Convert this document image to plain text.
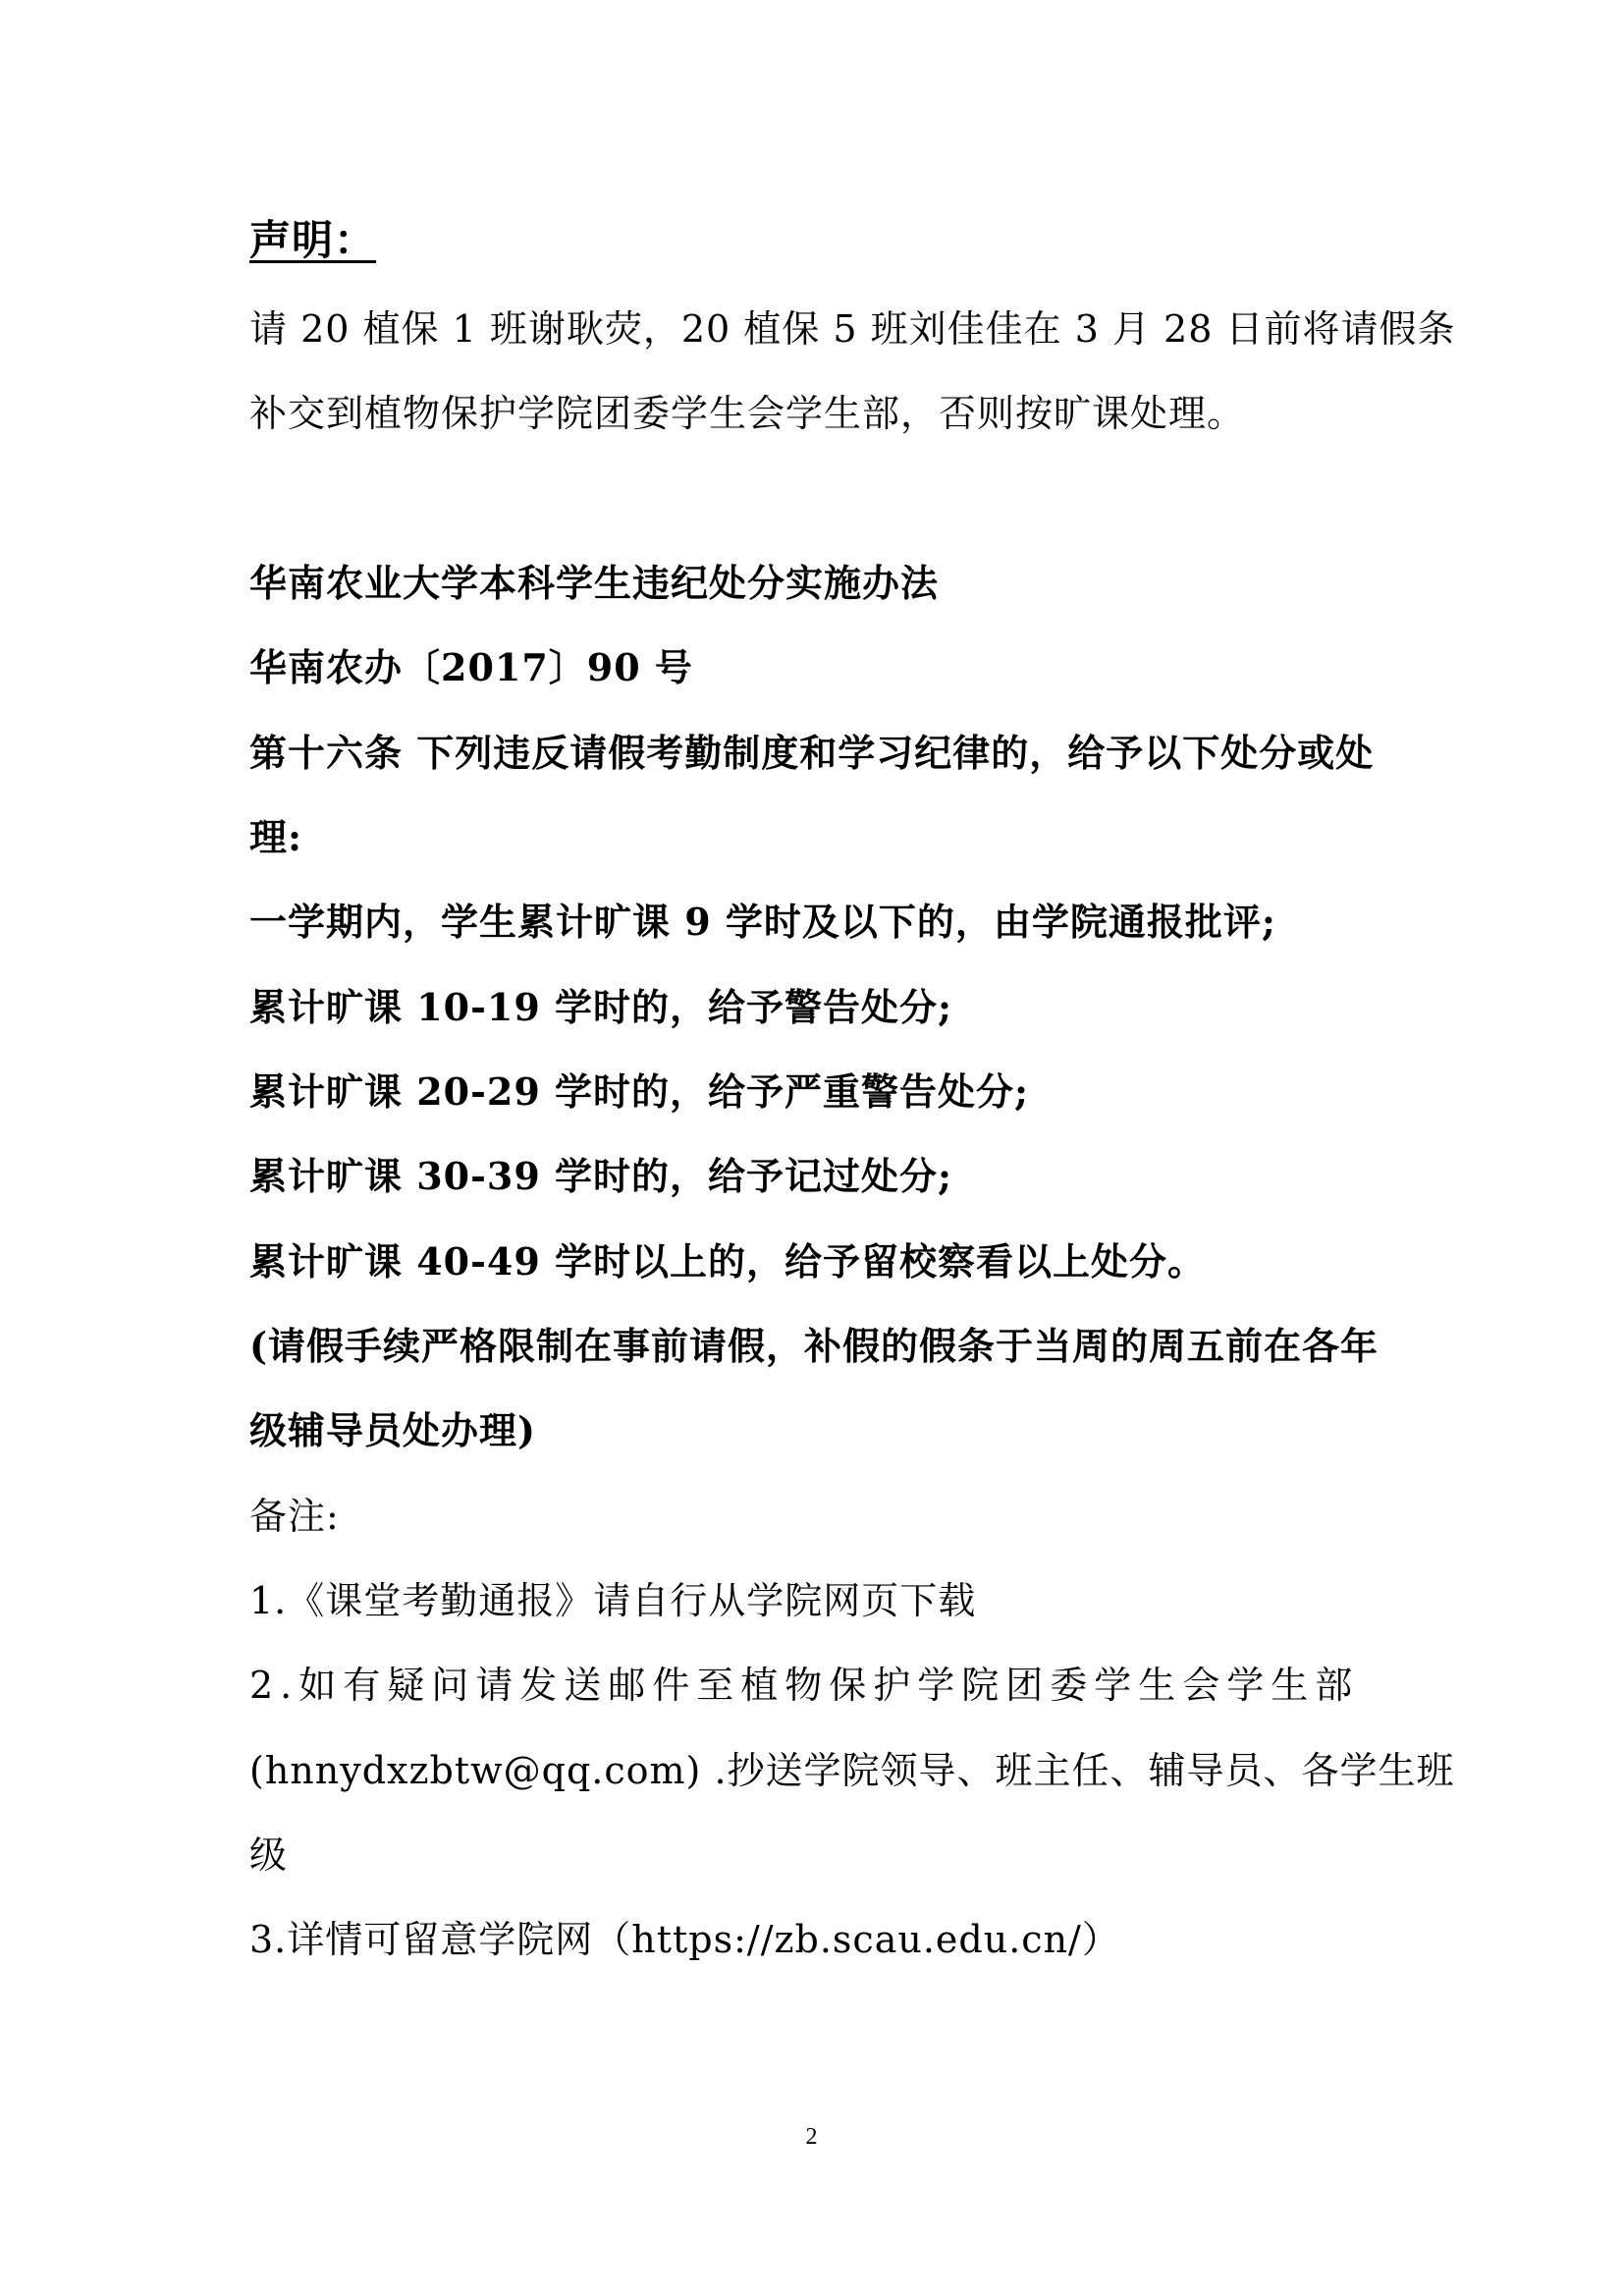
声明：
请 20 植保 1 班谢耿荧，20 植保 5 班刘佳佳在 3 月 28 日前将请假条
补交到植物保护学院团委学生会学生部，否则按旷课处理。
华南农业大学本科学生违纪处分实施办法
华南农办〔2017〕90 号
第十六条 下列违反请假考勤制度和学习纪律的，给予以下处分或处
理:
一学期内，学生累计旷课 9 学时及以下的，由学院通报批评;
累计旷课 10-19 学时的，给予警告处分;
累计旷课 20-29 学时的，给予严重警告处分;
累计旷课 30-39 学时的，给予记过处分;
累计旷课 40-49 学时以上的，给予留校察看以上处分。
(请假手续严格限制在事前请假，补假的假条于当周的周五前在各年
级辅导员处办理)
备注:
1.《课堂考勤通报》请自行从学院网页下载
2.如有疑问请发送邮件至植物保护学院团委学生会学生部
(hnnydxzbtw@qq.com) .抄送学院领导、班主任、辅导员、各学生班
级
3.详情可留意学院网（https://zb.scau.edu.cn/）
2
